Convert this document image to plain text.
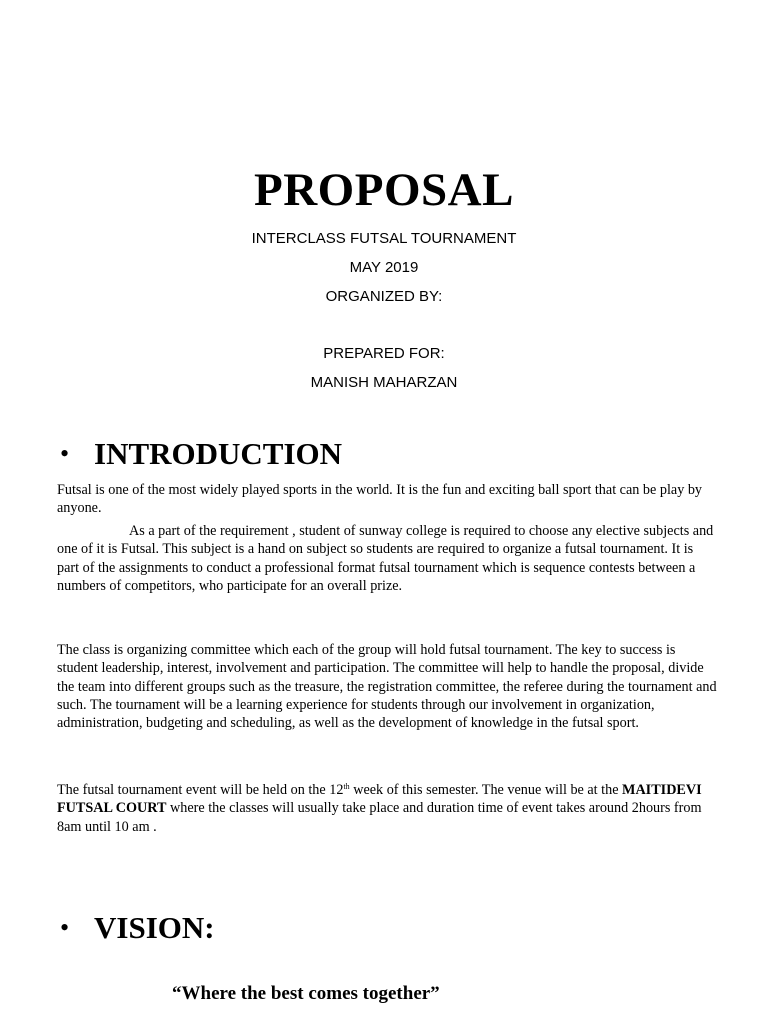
PROPOSAL

INTERCLASS FUTSAL TOURNAMENT

MAY 2019

ORGANIZED BY:

PREPARED FOR:

MANISH MAHARZAN

• INTRODUCTION

Futsal is one of the most widely played sports in the world. It is the fun and exciting ball sport that can be play by anyone.

As a part of the requirement , student of sunway college is required to choose any elective subjects and one of it is Futsal. This subject is a hand on subject so students are required to organize a futsal tournament. It is part of the assignments to conduct a professional format futsal tournament which is sequence contests between a numbers of competitors, who participate for an overall prize.

The class is organizing committee which each of the group will hold futsal tournament. The key to success is student leadership, interest, involvement and participation. The committee will help to handle the proposal, divide the team into different groups such as the treasure, the registration committee, the referee during the tournament and such. The tournament will be a learning experience for students through our involvement in organization, administration, budgeting and scheduling, as well as the development of knowledge in the futsal sport.

The futsal tournament event will be held on the 12th week of this semester. The venue will be at the MAITIDEVI FUTSAL COURT where the classes will usually take place and duration time of event takes around 2hours from 8am until 10 am .

• VISION:

“Where the best comes together”
